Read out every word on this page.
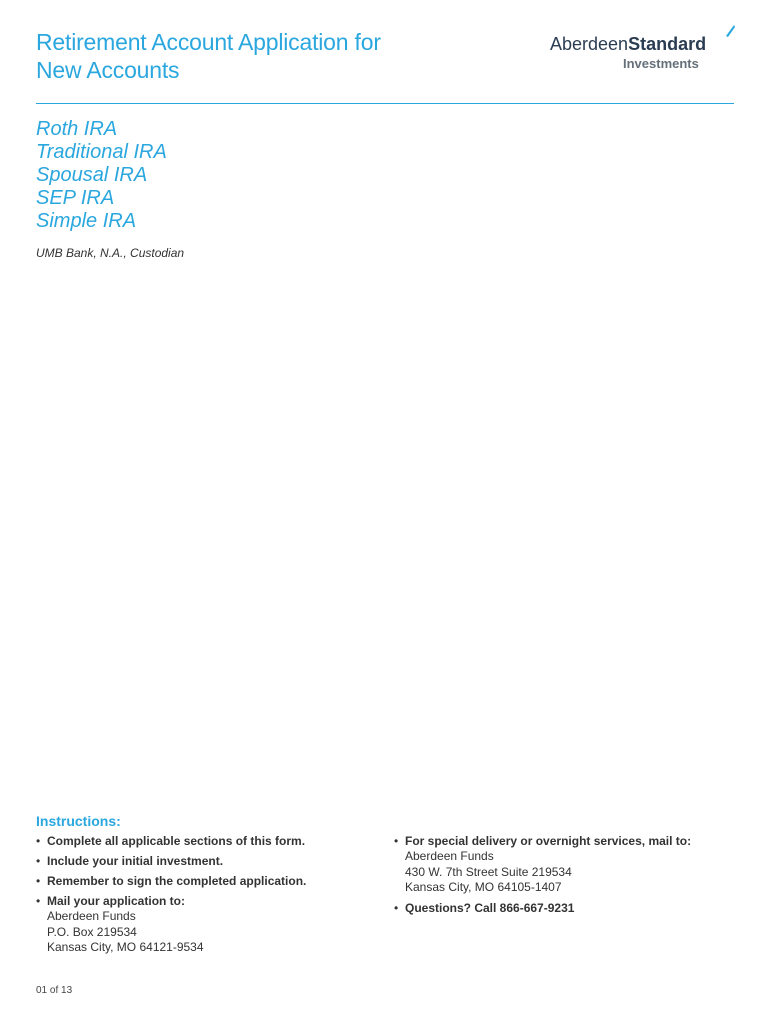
Retirement Account Application for
New Accounts
AberdeenStandard
Investments
Roth IRA
Traditional IRA
Spousal IRA
SEP IRA
Simple IRA
UMB Bank, N.A., Custodian
Instructions:
• Complete all applicable sections of this form.
• Include your initial investment.
• Remember to sign the completed application.
• Mail your application to:
Aberdeen Funds
P.O. Box 219534
Kansas City, MO 64121-9534
• For special delivery or overnight services, mail to:
Aberdeen Funds
430 W. 7th Street Suite 219534
Kansas City, MO 64105-1407
• Questions? Call 866-667-9231
01 of 13
